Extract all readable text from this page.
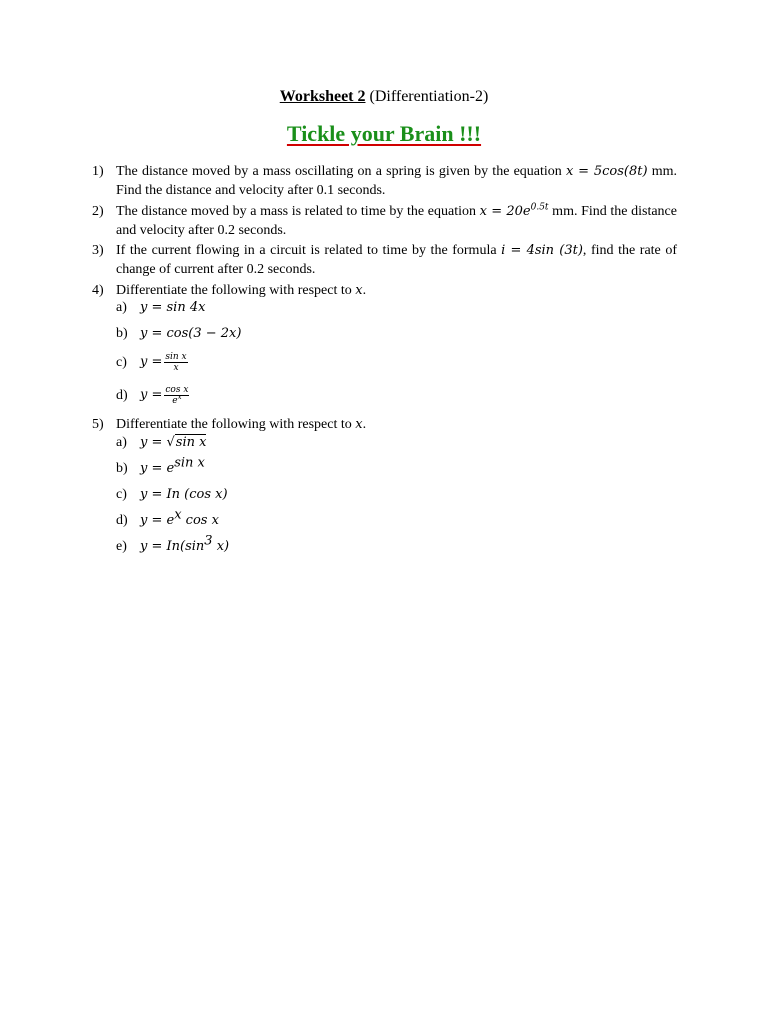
Worksheet 2 (Differentiation-2)
Tickle your Brain !!!
1) The distance moved by a mass oscillating on a spring is given by the equation x = 5cos(8t) mm. Find the distance and velocity after 0.1 seconds.
2) The distance moved by a mass is related to time by the equation $x = 20e^{0.5t}$ mm. Find the distance and velocity after 0.2 seconds.
3) If the current flowing in a circuit is related to time by the formula i = 4sin (3t), find the rate of change of current after 0.2 seconds.
4) Differentiate the following with respect to x.
a) y = sin 4x
b) y = cos(3 − 2x)
c) $y = \frac{\text{sin x}}{x}$
d) $y = \frac{\text{cos x}}{e^x}$
5) Differentiate the following with respect to x.
a) y = √sin x
b) $y = e^{sin x}$
c) y = In (cos x)
d) $y = e^x$ cos x
e) $y = In(\sin^3$ x)
